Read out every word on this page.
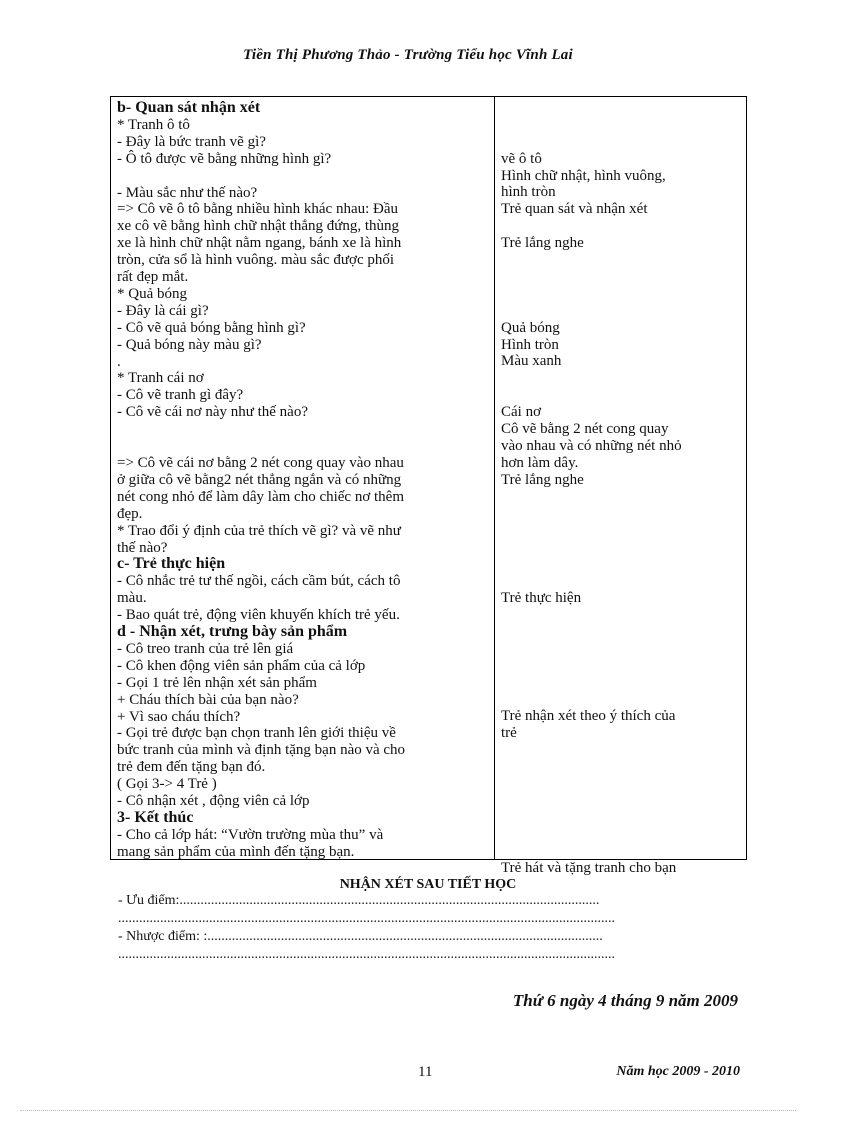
Tiền Thị Phương Thảo - Trường Tiểu học Vĩnh Lai
b- Quan sát nhận xét
* Tranh ô tô
- Đây là bức tranh vẽ gì?
- Ô tô được vẽ bằng những hình gì?
- Màu sắc như thế nào?
=> Cô vẽ ô tô bằng nhiều hình khác nhau: Đầu
xe cô vẽ bằng hình chữ nhật thẳng đứng, thùng
xe là hình chữ nhật nằm ngang, bánh xe là hình
tròn, cửa sổ là hình vuông. màu sắc được phối
rất đẹp mắt.
* Quả bóng
- Đây là cái gì?
- Cô vẽ quả bóng bằng hình gì?
- Quả bóng này màu gì?
.
* Tranh cái nơ
- Cô vẽ tranh gì đây?
- Cô vẽ cái nơ này như thế nào?
=> Cô vẽ cái nơ bằng 2 nét cong quay vào nhau
ở giữa cô vẽ bằng2 nét thẳng ngắn và có những
nét cong nhỏ để làm dây làm cho chiếc nơ thêm
đẹp.
* Trao đổi ý định của trẻ thích vẽ gì? và vẽ như
thế nào?
c- Trẻ thực hiện
- Cô nhắc trẻ tư thế ngồi, cách cầm bút, cách tô
màu.
- Bao quát trẻ, động viên khuyến khích trẻ yếu.
d - Nhận xét, trưng bày sản phẩm
- Cô treo tranh của trẻ lên giá
- Cô khen động viên sản phẩm của cả lớp
- Gọi 1 trẻ lên nhận xét sản phẩm
+ Cháu thích bài của bạn nào?
+ Vì sao cháu thích?
- Gọi trẻ được bạn chọn tranh lên giới thiệu về
bức tranh của mình và định tặng bạn nào và cho
trẻ đem đến tặng bạn đó.
( Gọi 3-> 4 Trẻ )
- Cô nhận xét , động viên cả lớp
3- Kết thúc
- Cho cả lớp hát: “Vườn trường mùa thu” và
mang sản phẩm của mình đến tặng bạn.
vẽ ô tô
Hình chữ nhật, hình vuông,
hình tròn
Trẻ quan sát và nhận xét
Trẻ lắng nghe
Quả bóng
Hình tròn
Màu xanh
Cái nơ
Cô vẽ bằng 2 nét cong quay
vào nhau và có những nét nhỏ
hơn làm dây.
Trẻ lắng nghe
Trẻ thực hiện
Trẻ nhận xét theo ý thích của
trẻ
Trẻ hát và tặng tranh cho bạn
NHẬN XÉT SAU TIẾT HỌC
- Ưu điểm:........................................................................................................................
..............................................................................................................................................
- Nhược điểm: :.................................................................................................................
..............................................................................................................................................
Thứ 6 ngày 4 tháng 9 năm 2009
11	Năm học 2009 - 2010
